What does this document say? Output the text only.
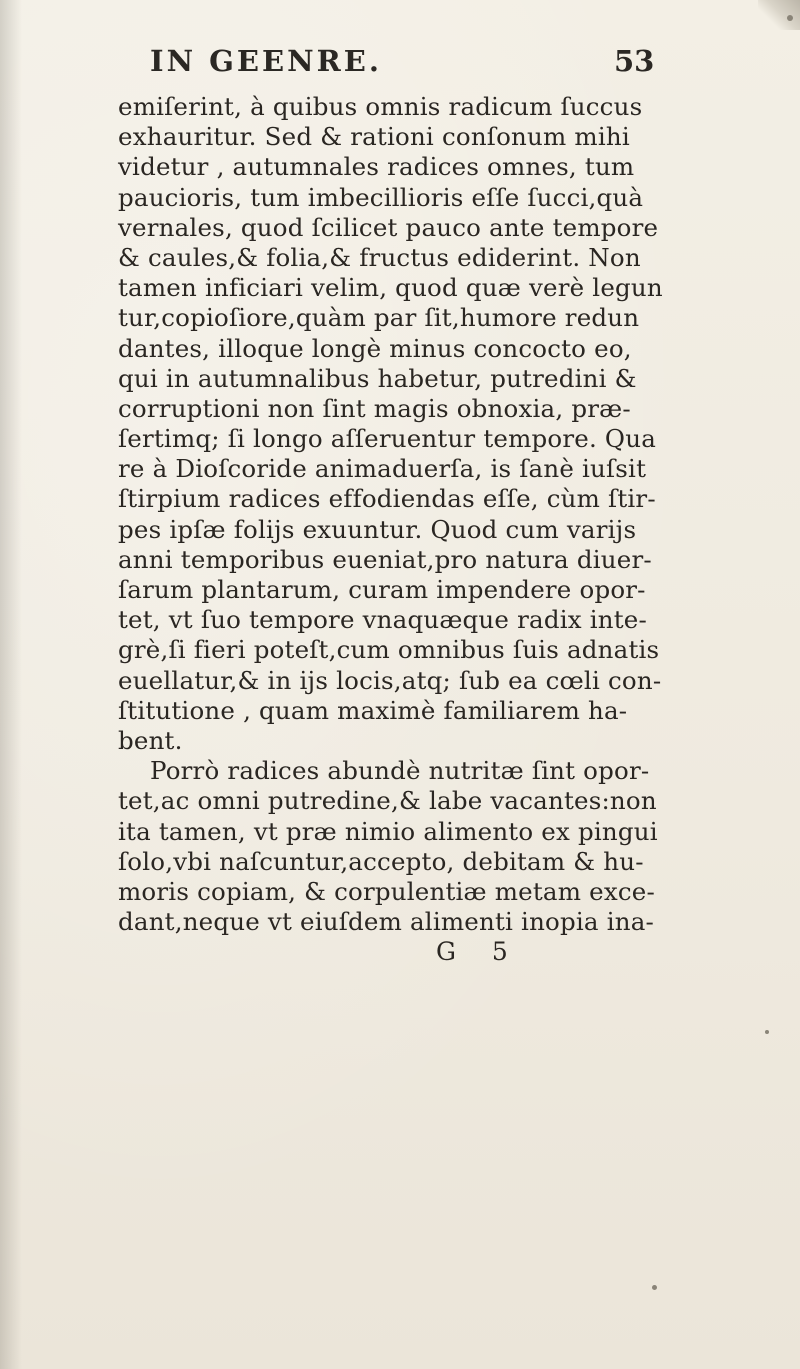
IN GEENRE.	53
emiſerint, à quibus omnis radicum ſuccus
exhauritur. Sed & rationi conſonum mihi
videtur , autumnales radices omnes, tum
paucioris, tum imbecillioris eſſe ſucci,quà
vernales, quod ſcilicet pauco ante tempore
& caules,& folia,& fructus ediderint. Non
tamen inficiari velim, quod quæ verè legun
tur,copioſiore,quàm par ſit,humore redun
dantes, illoque longè minus concocto eo,
qui in autumnalibus habetur, putredini &
corruptioni non ſint magis obnoxia, præ-
ſertimq; ſi longo aſſeruentur tempore. Qua
re à Dioſcoride animaduerſa, is ſanè iuſsit
ſtirpium radices effodiendas eſſe, cùm ſtir-
pes ipſæ folijs exuuntur. Quod cum varijs
anni temporibus eueniat,pro natura diuer-
ſarum plantarum, curam impendere opor-
tet, vt ſuo tempore vnaquæque radix inte-
grè,ſi fieri poteſt,cum omnibus ſuis adnatis
euellatur,& in ijs locis,atq; ſub ea cœli con-
ſtitutione , quam maximè familiarem ha-
bent.
Porrò radices abundè nutritæ ſint opor-
tet,ac omni putredine,& labe vacantes:non
ita tamen, vt præ nimio alimento ex pingui
ſolo,vbi naſcuntur,accepto, debitam & hu-
moris copiam, & corpulentiæ metam exce-
dant,neque vt eiuſdem alimenti inopia ina-
G 5
